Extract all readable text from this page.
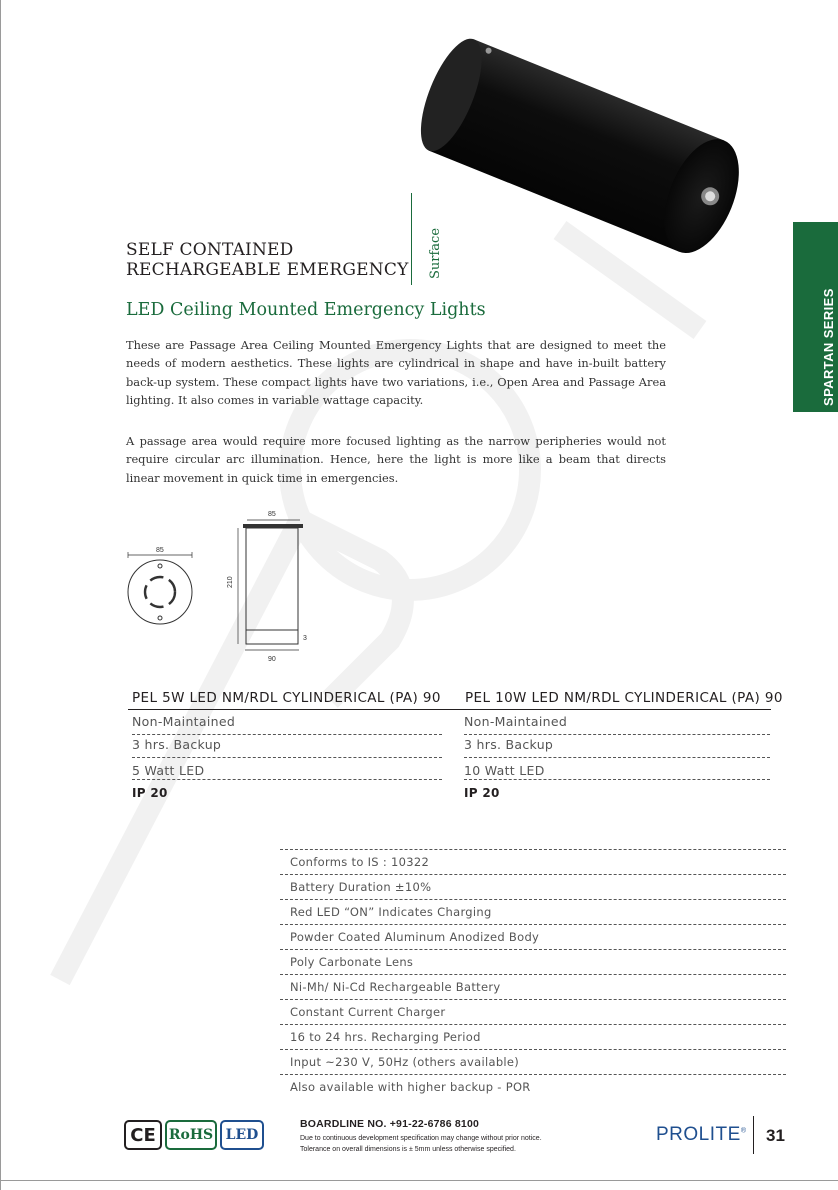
SPARTAN SERIES
SELF CONTAINED
RECHARGEABLE EMERGENCY Surface
LED Ceiling Mounted Emergency Lights
These are Passage Area Ceiling Mounted Emergency Lights that are designed to meet the needs of modern aesthetics. These lights are cylindrical in shape and have in-built battery back-up system. These compact lights have two variations, i.e., Open Area and Passage Area lighting. It also comes in variable wattage capacity.
A passage area would require more focused lighting as the narrow peripheries would not require circular arc illumination. Hence, here the light is more like a beam that directs linear movement in quick time in emergencies.
85
85
210
3
90
PEL 5W LED NM/RDL CYLINDERICAL (PA) 90 PEL 10W LED NM/RDL CYLINDERICAL (PA) 90
Non-Maintained
3 hrs. Backup
5 Watt LED
IP 20
Non-Maintained
3 hrs. Backup
10 Watt LED
IP 20
Conforms to IS : 10322
Battery Duration ±10%
Red LED “ON” Indicates Charging
Powder Coated Aluminum Anodized Body
Poly Carbonate Lens
Ni-Mh/ Ni-Cd Rechargeable Battery
Constant Current Charger
16 to 24 hrs. Recharging Period
Input ~230 V, 50Hz (others available)
Also available with higher backup - POR
CE RoHS LED
BOARDLINE NO. +91-22-6786 8100
Due to continuous development specification may change without prior notice.
Tolerance on overall dimensions is ± 5mm unless otherwise specified.
PROLITE® 31
